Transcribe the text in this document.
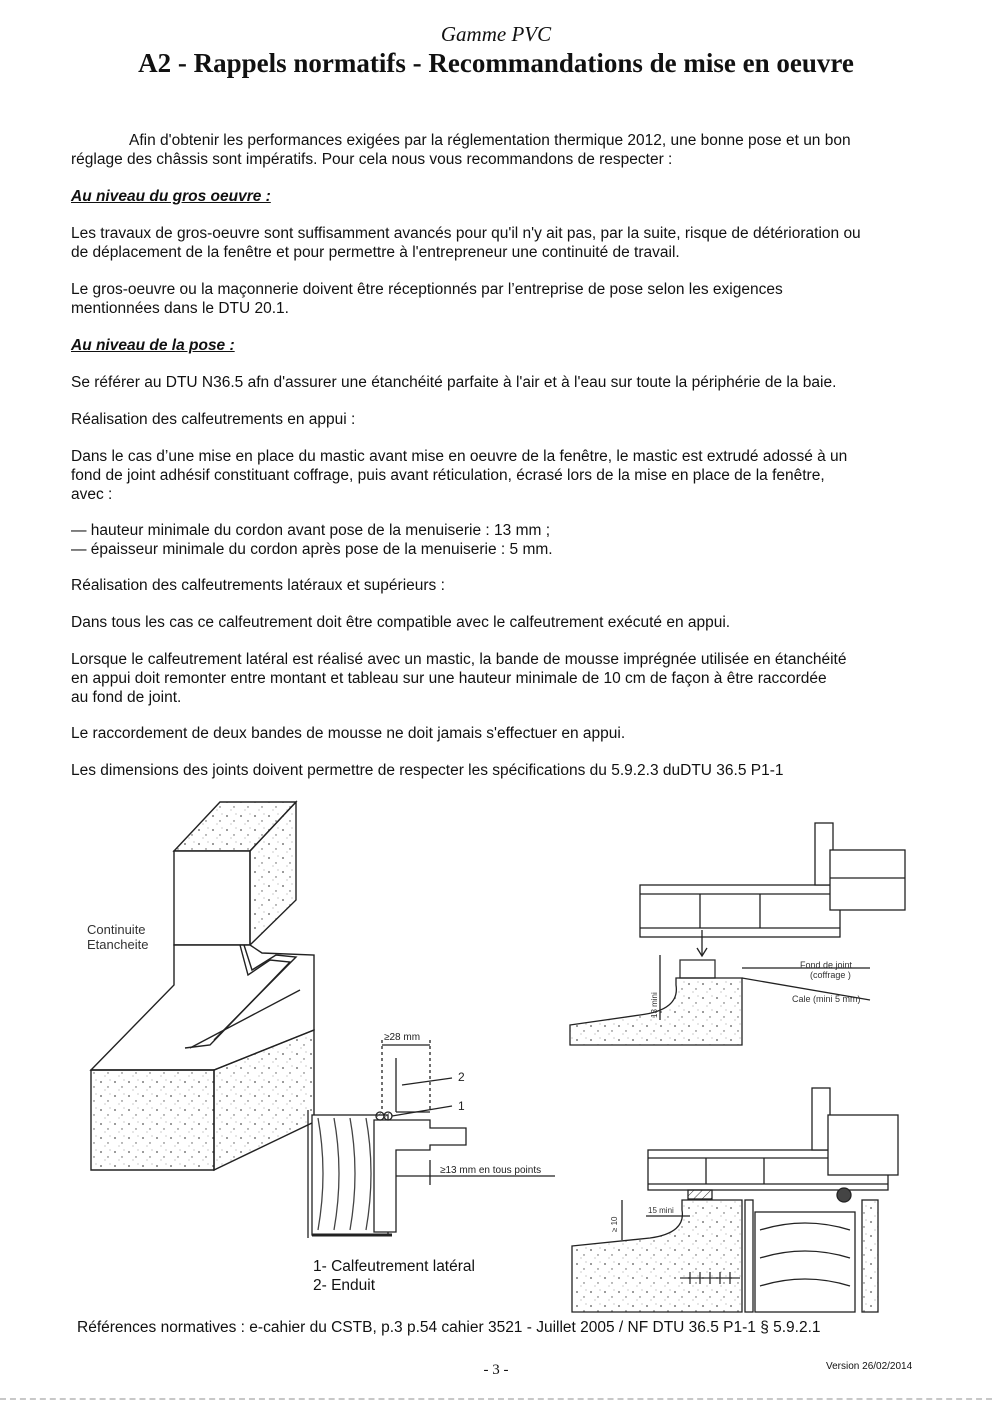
Gamme PVC
A2 - Rappels normatifs - Recommandations de mise en oeuvre
Afin d'obtenir les performances exigées par la réglementation thermique 2012, une bonne pose et un bon
réglage des châssis sont impératifs. Pour cela nous vous recommandons de respecter :
Au niveau du gros oeuvre :
Les travaux de gros-oeuvre sont suffisamment avancés pour qu'il n'y ait pas, par la suite, risque de détérioration ou
de déplacement de la fenêtre et pour permettre à l'entrepreneur une continuité de travail.
Le gros-oeuvre ou la maçonnerie doivent être réceptionnés par l’entreprise de pose selon les exigences
mentionnées dans le DTU 20.1.
Au niveau de la pose :
Se référer au DTU N36.5 afn d'assurer une étanchéité parfaite à l'air et à l'eau sur toute la périphérie de la baie.
Réalisation des calfeutrements en appui :
Dans le cas d’une mise en place du mastic avant mise en oeuvre de la fenêtre, le mastic est extrudé adossé à un
fond de joint adhésif constituant coffrage, puis avant réticulation, écrasé lors de la mise en place de la fenêtre,
avec :
— hauteur minimale du cordon avant pose de la menuiserie : 13 mm ;
— épaisseur minimale du cordon après pose de la menuiserie : 5 mm.
Réalisation des calfeutrements latéraux et supérieurs :
Dans tous les cas ce calfeutrement doit être compatible avec le calfeutrement exécuté en appui.
Lorsque le calfeutrement latéral est réalisé avec un mastic, la bande de mousse imprégnée utilisée en étanchéité
en appui doit remonter entre montant et tableau sur une hauteur minimale de 10 cm de façon à être raccordée
au fond de joint.
Le raccordement de deux bandes de mousse ne doit jamais s'effectuer en appui.
Les dimensions des joints doivent permettre de respecter les spécifications du 5.9.2.3 duDTU 36.5 P1-1
Continuite
Etancheite
≥28 mm
2
1
≥13 mm en tous points
Fond de joint
(coffrage )
Cale (mini 5 mm)
13 mini
≥ 10
15 mini
1- Calfeutrement latéral
2- Enduit
Références normatives : e-cahier du CSTB, p.3 p.54 cahier 3521 - Juillet 2005 / NF DTU 36.5 P1-1 § 5.9.2.1
- 3 -	Version 26/02/2014
